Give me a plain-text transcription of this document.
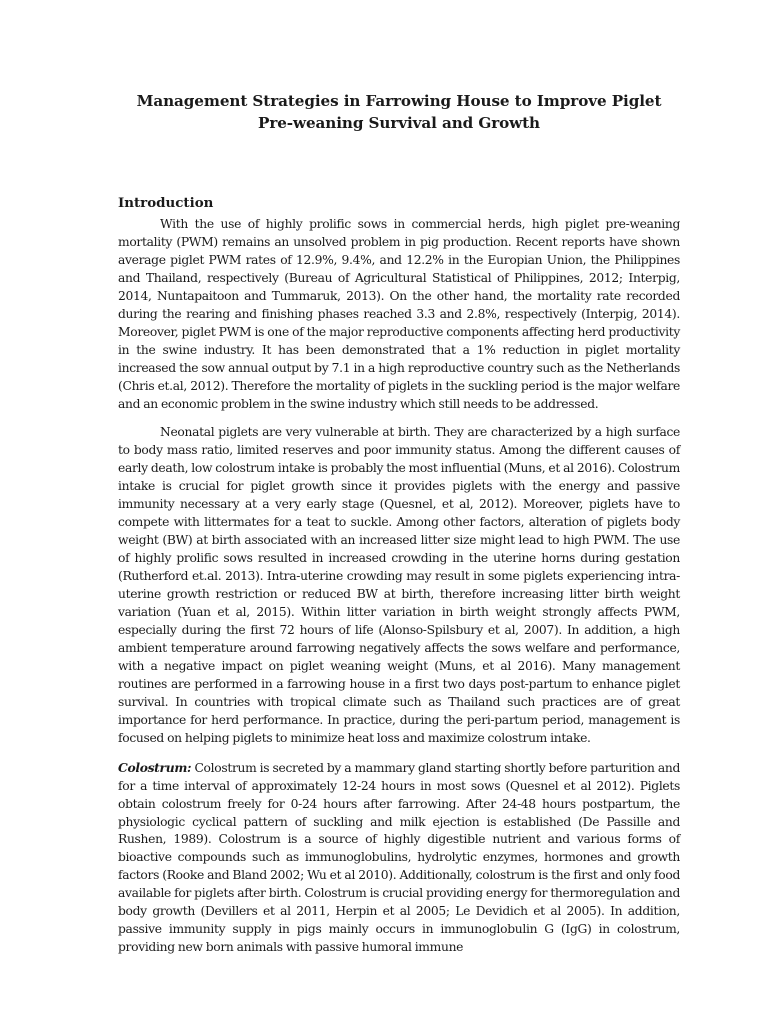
Management Strategies in Farrowing House to Improve Piglet Pre-weaning Survival and Growth
Introduction

With the use of highly prolific sows in commercial herds, high piglet pre-weaning mortality (PWM) remains an unsolved problem in pig production. Recent reports have shown average piglet PWM rates of 12.9%, 9.4%, and 12.2% in the Europian Union, the Philippines and Thailand, respectively (Bureau of Agricultural Statistical of Philippines, 2012; Interpig, 2014, Nuntapaitoon and Tummaruk, 2013). On the other hand, the mortality rate recorded during the rearing and finishing phases reached 3.3 and 2.8%, respectively (Interpig, 2014). Moreover, piglet PWM is one of the major reproductive components affecting herd productivity in the swine industry. It has been demonstrated that a 1% reduction in piglet mortality increased the sow annual output by 7.1 in a high reproductive country such as the Netherlands (Chris et.al, 2012). Therefore the mortality of piglets in the suckling period is the major welfare and an economic problem in the swine industry which still needs to be addressed.

Neonatal piglets are very vulnerable at birth. They are characterized by a high surface to body mass ratio, limited reserves and poor immunity status. Among the different causes of early death, low colostrum intake is probably the most influential (Muns, et al 2016). Colostrum intake is crucial for piglet growth since it provides piglets with the energy and passive immunity necessary at a very early stage (Quesnel, et al, 2012). Moreover, piglets have to compete with littermates for a teat to suckle. Among other factors, alteration of piglets body weight (BW) at birth associated with an increased litter size might lead to high PWM. The use of highly prolific sows resulted in increased crowding in the uterine horns during gestation (Rutherford et.al. 2013). Intra-uterine crowding may result in some piglets experiencing intra-uterine growth restriction or reduced BW at birth, therefore increasing litter birth weight variation (Yuan et al, 2015). Within litter variation in birth weight strongly affects PWM, especially during the first 72 hours of life (Alonso-Spilsbury et al, 2007). In addition, a high ambient temperature around farrowing negatively affects the sows welfare and performance, with a negative impact on piglet weaning weight (Muns, et al 2016). Many management routines are performed in a farrowing house in a first two days post-partum to enhance piglet survival. In countries with tropical climate such as Thailand such practices are of great importance for herd performance. In practice, during the peri-partum period, management is focused on helping piglets to minimize heat loss and maximize colostrum intake.

Colostrum: Colostrum is secreted by a mammary gland starting shortly before parturition and for a time interval of approximately 12-24 hours in most sows (Quesnel et al 2012). Piglets obtain colostrum freely for 0-24 hours after farrowing. After 24-48 hours postpartum, the physiologic cyclical pattern of suckling and milk ejection is established (De Passille and Rushen, 1989). Colostrum is a source of highly digestible nutrient and various forms of bioactive compounds such as immunoglobulins, hydrolytic enzymes, hormones and growth factors (Rooke and Bland 2002; Wu et al 2010). Additionally, colostrum is the first and only food available for piglets after birth. Colostrum is crucial providing energy for thermoregulation and body growth (Devillers et al 2011, Herpin et al 2005; Le Devidich et al 2005). In addition, passive immunity supply in pigs mainly occurs in immunoglobulin G (IgG) in colostrum, providing new born animals with passive humoral immune
